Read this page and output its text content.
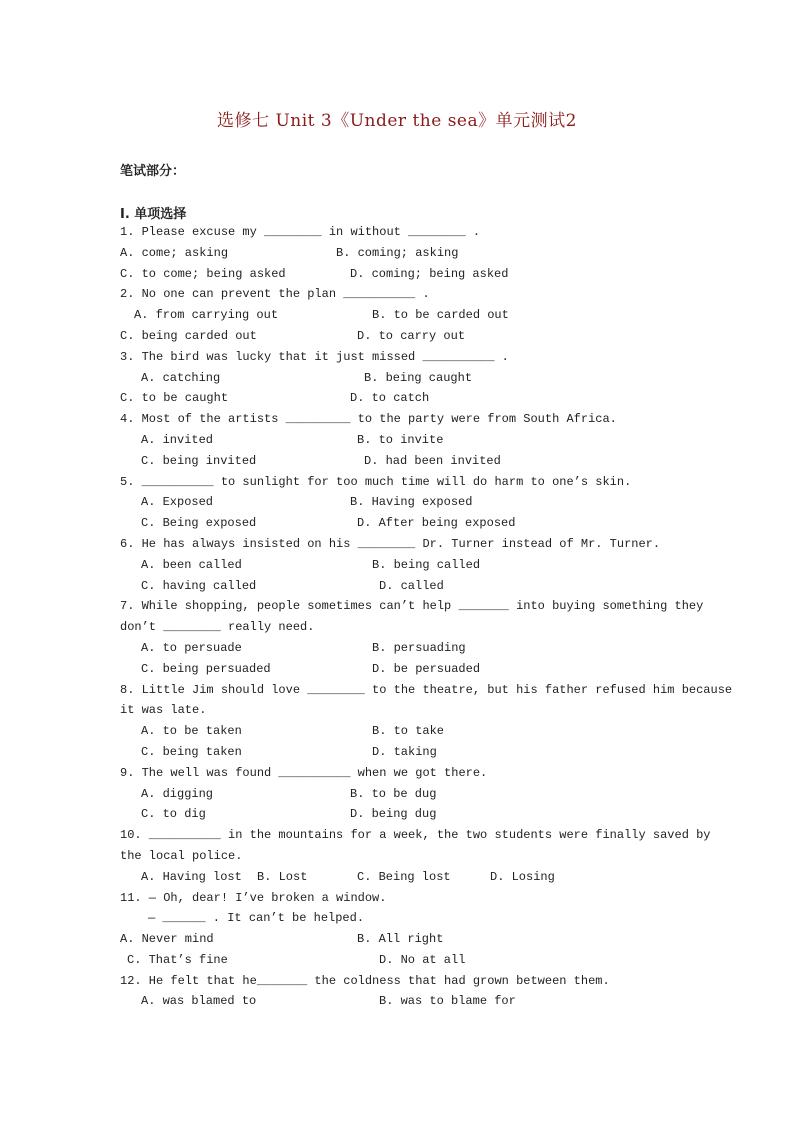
选修七 Unit 3《Under the sea》单元测试2
笔试部分：
I. 单项选择
1. Please excuse my ________ in without ________ .
A. come; asking	B. coming; asking
C. to come; being asked	D. coming; being asked
2. No one can prevent the plan __________ .
A. from carrying out	B. to be carded out
C. being carded out	D. to carry out
3. The bird was lucky that it just missed __________ .
A. catching	B. being caught
C. to be caught	D. to catch
4. Most of the artists _________ to the party were from South Africa.
A. invited	B. to invite
C. being invited	D. had been invited
5. __________ to sunlight for too much time will do harm to one’s skin.
A. Exposed	B. Having exposed
C. Being exposed	D. After being exposed
6. He has always insisted on his ________ Dr. Turner instead of Mr. Turner.
A. been called	B. being called
C. having called	D. called
7. While shopping, people sometimes can’t help _______ into buying something they
don’t ________ really need.
A. to persuade	B. persuading
C. being persuaded	D. be persuaded
8. Little Jim should love ________ to the theatre, but his father refused him because
it was late.
A. to be taken	B. to take
C. being taken	D. taking
9. The well was found __________ when we got there.
A. digging	B. to be dug
C. to dig	D. being dug
10. __________ in the mountains for a week, the two students were finally saved by
the local police.
A. Having lost B. Lost	C. Being lost	D. Losing
11. — Oh, dear! I’ve broken a window.
— ______ . It can’t be helped.
A. Never mind	B. All right
C. That’s fine	D. No at all
12. He felt that he_______ the coldness that had grown between them.
A. was blamed to	B. was to blame for
